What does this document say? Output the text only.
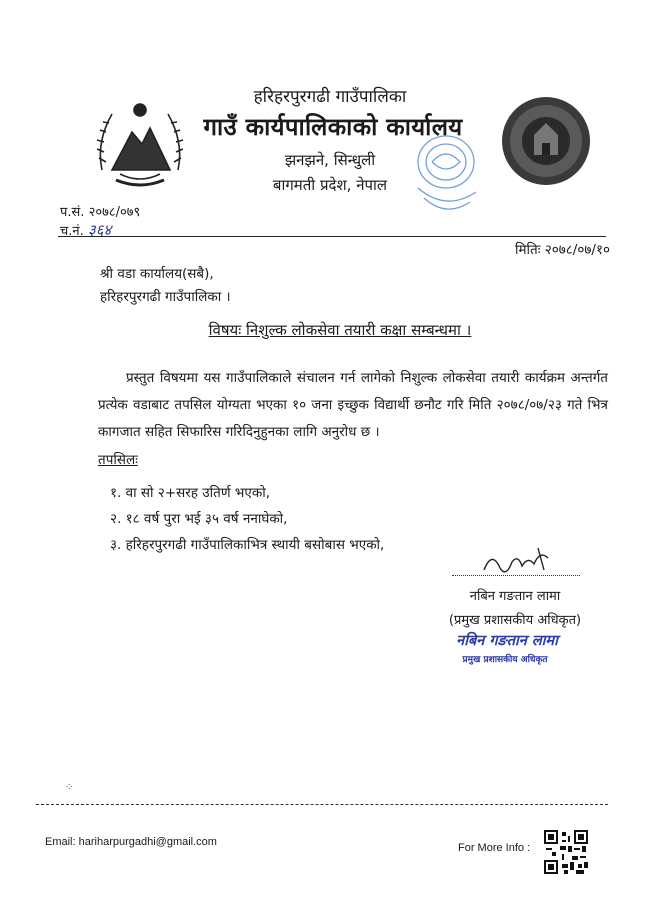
हरिहरपुरगढी गाउँपालिका
गाउँ कार्यपालिकाको कार्यालय
झनझने, सिन्धुली
बागमती प्रदेश, नेपाल
प.सं. २०७८/०७९
च.नं. ३६४
मितिः २०७८/०७/१०
श्री वडा कार्यालय(सबै),
हरिहरपुरगढी गाउँपालिका ।
विषयः निशुल्क लोकसेवा तयारी कक्षा सम्बन्धमा ।

प्रस्तुत विषयमा यस गाउँपालिकाले संचालन गर्न लागेको निशुल्क लोकसेवा तयारी कार्यक्रम अन्तर्गत प्रत्येक वडाबाट तपसिल योग्यता भएका १० जना इच्छुक विद्यार्थी छनौट गरि मिति २०७८/०७/२३ गते भित्र कागजात सहित सिफारिस गरिदिनुहुनका लागि अनुरोध छ ।

तपसिलः
१. वा सो २+सरह उतिर्ण भएको,
२. १८ वर्ष पुरा भई ३५ वर्ष ननाघेको,
३. हरिहरपुरगढी गाउँपालिकाभित्र स्थायी बसोबास भएको,
नबिन गङतान लामा
(प्रमुख प्रशासकीय अधिकृत)
नबिन गङतान लामा
प्रमुख प्रशासकीय अधिकृत
⁘
Email: hariharpurgadhi@gmail.com	For More Info :
